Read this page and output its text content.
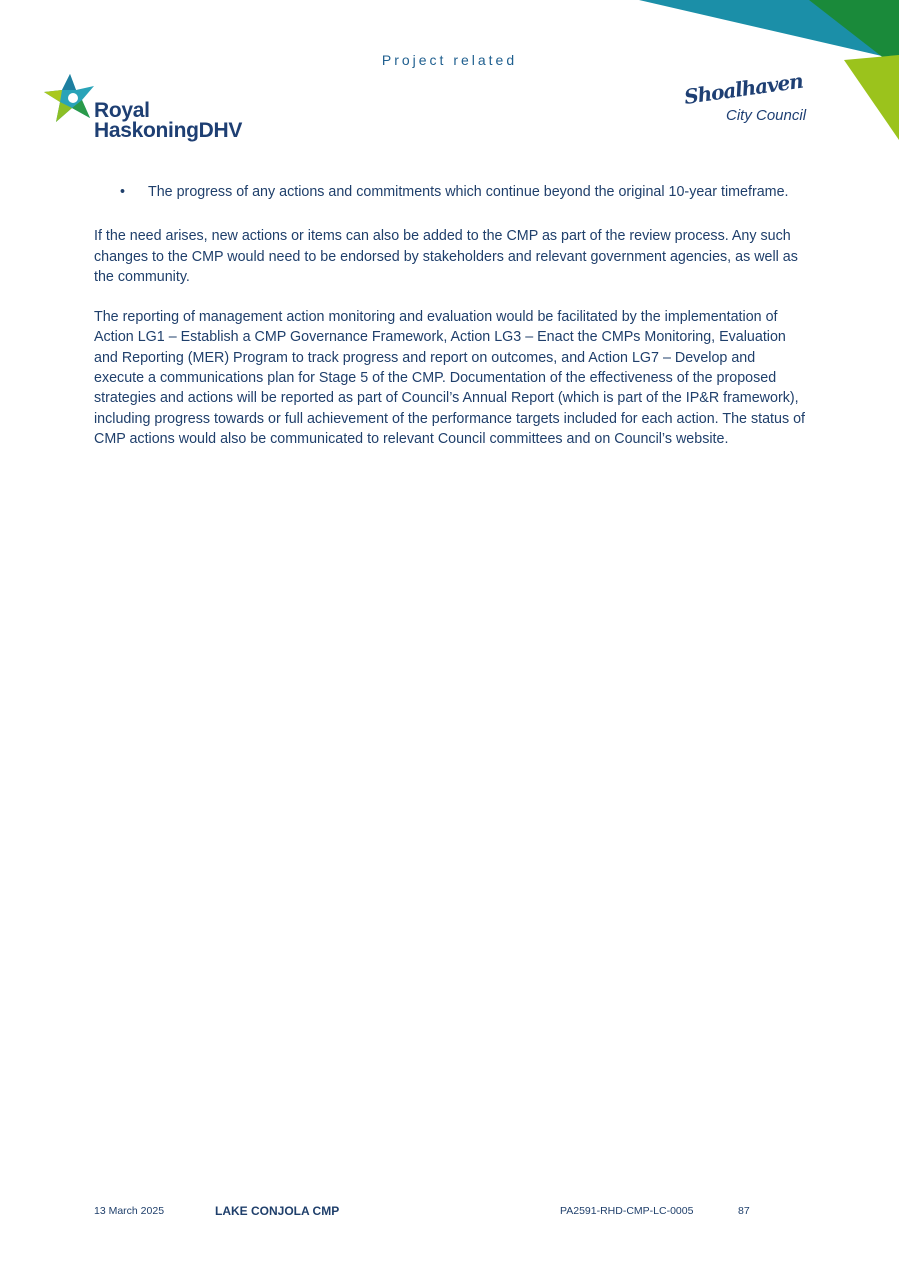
Project related
Royal
HaskoningDHV
Shoalhaven
City Council
• The progress of any actions and commitments which continue beyond the original 10-year timeframe.

If the need arises, new actions or items can also be added to the CMP as part of the review process. Any such changes to the CMP would need to be endorsed by stakeholders and relevant government agencies, as well as the community.

The reporting of management action monitoring and evaluation would be facilitated by the implementation of Action LG1 – Establish a CMP Governance Framework, Action LG3 – Enact the CMPs Monitoring, Evaluation and Reporting (MER) Program to track progress and report on outcomes, and Action LG7 – Develop and execute a communications plan for Stage 5 of the CMP. Documentation of the effectiveness of the proposed strategies and actions will be reported as part of Council’s Annual Report (which is part of the IP&R framework), including progress towards or full achievement of the performance targets included for each action. The status of CMP actions would also be communicated to relevant Council committees and on Council’s website.

13 March 2025	LAKE CONJOLA CMP	PA2591-RHD-CMP-LC-0005	87
